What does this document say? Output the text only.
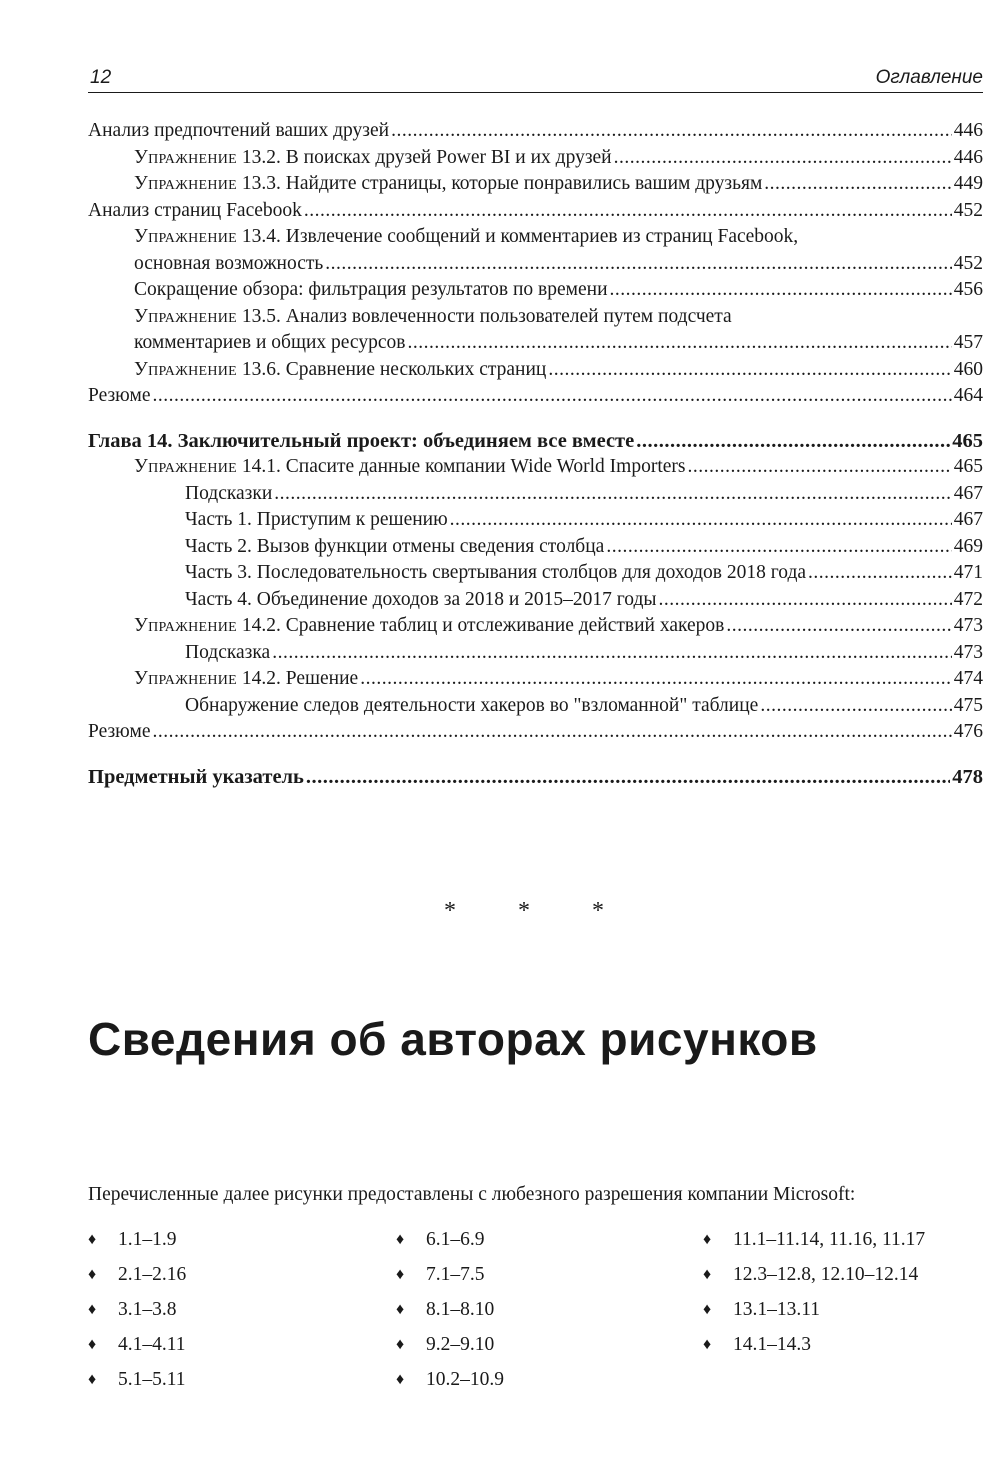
12	Оглавление
Анализ предпочтений ваших друзей .....	446
Упражнение 13.2. В поисках друзей Power BI и их друзей .....	446
Упражнение 13.3. Найдите страницы, которые понравились вашим друзьям .....	449
Анализ страниц Facebook .....	452
Упражнение 13.4. Извлечение сообщений и комментариев из страниц Facebook,
основная возможность .....	452
Сокращение обзора: фильтрация результатов по времени .....	456
Упражнение 13.5. Анализ вовлеченности пользователей путем подсчета
комментариев и общих ресурсов .....	457
Упражнение 13.6. Сравнение нескольких страниц .....	460
Резюме .....	464
Глава 14. Заключительный проект: объединяем все вместе .....	465
Упражнение 14.1. Спасите данные компании Wide World Importers .....	465
Подсказки .....	467
Часть 1. Приступим к решению .....	467
Часть 2. Вызов функции отмены сведения столбца .....	469
Часть 3. Последовательность свертывания столбцов для доходов 2018 года .....	471
Часть 4. Объединение доходов за 2018 и 2015–2017 годы .....	472
Упражнение 14.2. Сравнение таблиц и отслеживание действий хакеров .....	473
Подсказка .....	473
Упражнение 14.2. Решение .....	474
Обнаружение следов деятельности хакеров во "взломанной" таблице .....	475
Резюме .....	476
Предметный указатель .....	478
* * *
Сведения об авторах рисунков
Перечисленные далее рисунки предоставлены с любезного разрешения компании Microsoft:
♦	1.1–1.9
♦	2.1–2.16
♦	3.1–3.8
♦	4.1–4.11
♦	5.1–5.11
♦	6.1–6.9
♦	7.1–7.5
♦	8.1–8.10
♦	9.2–9.10
♦	10.2–10.9
♦	11.1–11.14, 11.16, 11.17
♦	12.3–12.8, 12.10–12.14
♦	13.1–13.11
♦	14.1–14.3
